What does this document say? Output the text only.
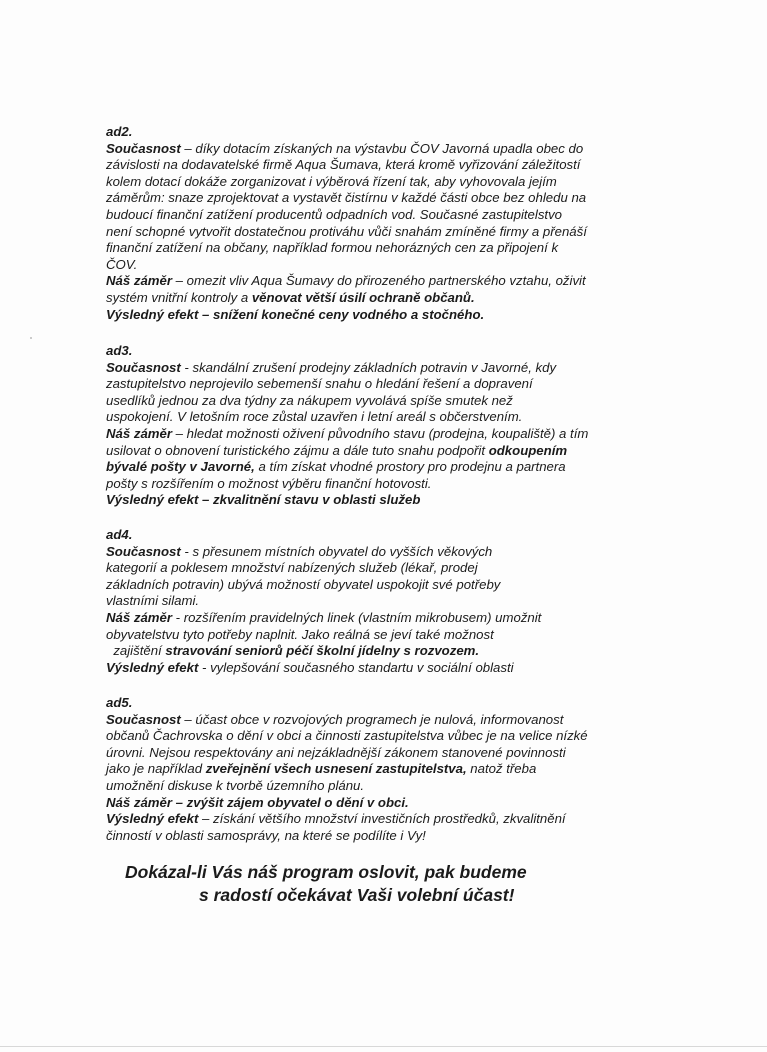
ad2.
Současnost – díky dotacím získaných na výstavbu ČOV Javorná upadla obec do
závislosti na dodavatelské firmě Aqua Šumava, která kromě vyřizování záležitostí
kolem dotací dokáže zorganizovat i výběrová řízení tak, aby vyhovovala jejím
záměrům: snaze zprojektovat a vystavět čistírnu v každé části obce bez ohledu na
budoucí finanční zatížení producentů odpadních vod. Současné zastupitelstvo
není schopné vytvořit dostatečnou protiváhu vůči snahám zmíněné firmy a přenáší
finanční zatížení na občany, například formou nehorázných cen za připojení k
ČOV.
Náš záměr – omezit vliv Aqua Šumavy do přirozeného partnerského vztahu, oživit
systém vnitřní kontroly a věnovat větší úsilí ochraně občanů.
Výsledný efekt – snížení konečné ceny vodného a stočného.
ad3.
Současnost - skandální zrušení prodejny základních potravin v Javorné, kdy
zastupitelstvo neprojevilo sebemenší snahu o hledání řešení a dopravení
usedlíků jednou za dva týdny za nákupem vyvolává spíše smutek než
uspokojení. V letošním roce zůstal uzavřen i letní areál s občerstvením.
Náš záměr – hledat možnosti oživení původního stavu (prodejna, koupaliště) a tím
usilovat o obnovení turistického zájmu a dále tuto snahu podpořit odkoupením
bývalé pošty v Javorné, a tím získat vhodné prostory pro prodejnu a partnera
pošty s rozšířením o možnost výběru finanční hotovosti.
Výsledný efekt – zkvalitnění stavu v oblasti služeb
ad4.
Současnost - s přesunem místních obyvatel do vyšších věkových
kategorií a poklesem množství nabízených služeb (lékař, prodej
základních potravin) ubývá možností obyvatel uspokojit své potřeby
vlastními silami.
Náš záměr - rozšířením pravidelných linek (vlastním mikrobusem) umožnit
obyvatelstvu tyto potřeby naplnit. Jako reálná se jeví také možnost
zajištění stravování seniorů péčí školní jídelny s rozvozem.
Výsledný efekt - vylepšování současného standartu v sociální oblasti
ad5.
Současnost – účast obce v rozvojových programech je nulová, informovanost
občanů Čachrovska o dění v obci a činnosti zastupitelstva vůbec je na velice nízké
úrovni. Nejsou respektovány ani nejzákladnější zákonem stanovené povinnosti
jako je například zveřejnění všech usnesení zastupitelstva, natož třeba
umožnění diskuse k tvorbě územního plánu.
Náš záměr – zvýšit zájem obyvatel o dění v obci.
Výsledný efekt – získání většího množství investičních prostředků, zkvalitnění
činností v oblasti samosprávy, na které se podílíte i Vy!
Dokázal-li Vás náš program oslovit, pak budeme
s radostí očekávat Vaši volební účast!
